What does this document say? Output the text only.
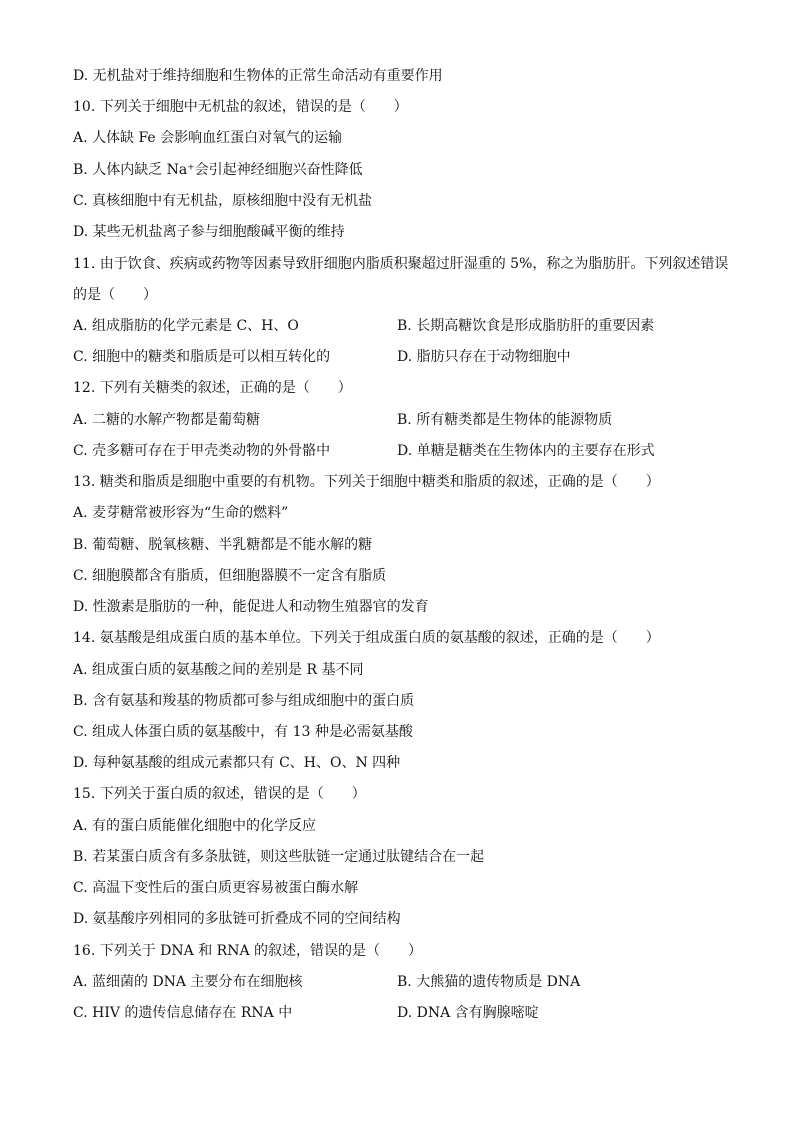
D. 无机盐对于维持细胞和生物体的正常生命活动有重要作用
10. 下列关于细胞中无机盐的叙述，错误的是（　　）
A. 人体缺 Fe 会影响血红蛋白对氧气的运输
B. 人体内缺乏 Na⁺会引起神经细胞兴奋性降低
C. 真核细胞中有无机盐，原核细胞中没有无机盐
D. 某些无机盐离子参与细胞酸碱平衡的维持
11. 由于饮食、疾病或药物等因素导致肝细胞内脂质积聚超过肝湿重的 5%，称之为脂肪肝。下列叙述错误
的是（　　）
A. 组成脂肪的化学元素是 C、H、O	B. 长期高糖饮食是形成脂肪肝的重要因素
C. 细胞中的糖类和脂质是可以相互转化的	D. 脂肪只存在于动物细胞中
12. 下列有关糖类的叙述，正确的是（　　）
A. 二糖的水解产物都是葡萄糖	B. 所有糖类都是生物体的能源物质
C. 壳多糖可存在于甲壳类动物的外骨骼中	D. 单糖是糖类在生物体内的主要存在形式
13. 糖类和脂质是细胞中重要的有机物。下列关于细胞中糖类和脂质的叙述，正确的是（　　）
A. 麦芽糖常被形容为“生命的燃料”
B. 葡萄糖、脱氧核糖、半乳糖都是不能水解的糖
C. 细胞膜都含有脂质，但细胞器膜不一定含有脂质
D. 性激素是脂肪的一种，能促进人和动物生殖器官的发育
14. 氨基酸是组成蛋白质的基本单位。下列关于组成蛋白质的氨基酸的叙述，正确的是（　　）
A. 组成蛋白质的氨基酸之间的差别是 R 基不同
B. 含有氨基和羧基的物质都可参与组成细胞中的蛋白质
C. 组成人体蛋白质的氨基酸中，有 13 种是必需氨基酸
D. 每种氨基酸的组成元素都只有 C、H、O、N 四种
15. 下列关于蛋白质的叙述，错误的是（　　）
A. 有的蛋白质能催化细胞中的化学反应
B. 若某蛋白质含有多条肽链，则这些肽链一定通过肽键结合在一起
C. 高温下变性后的蛋白质更容易被蛋白酶水解
D. 氨基酸序列相同的多肽链可折叠成不同的空间结构
16. 下列关于 DNA 和 RNA 的叙述，错误的是（　　）
A. 蓝细菌的 DNA 主要分布在细胞核	B. 大熊猫的遗传物质是 DNA
C. HIV 的遗传信息储存在 RNA 中	D. DNA 含有胸腺嘧啶
